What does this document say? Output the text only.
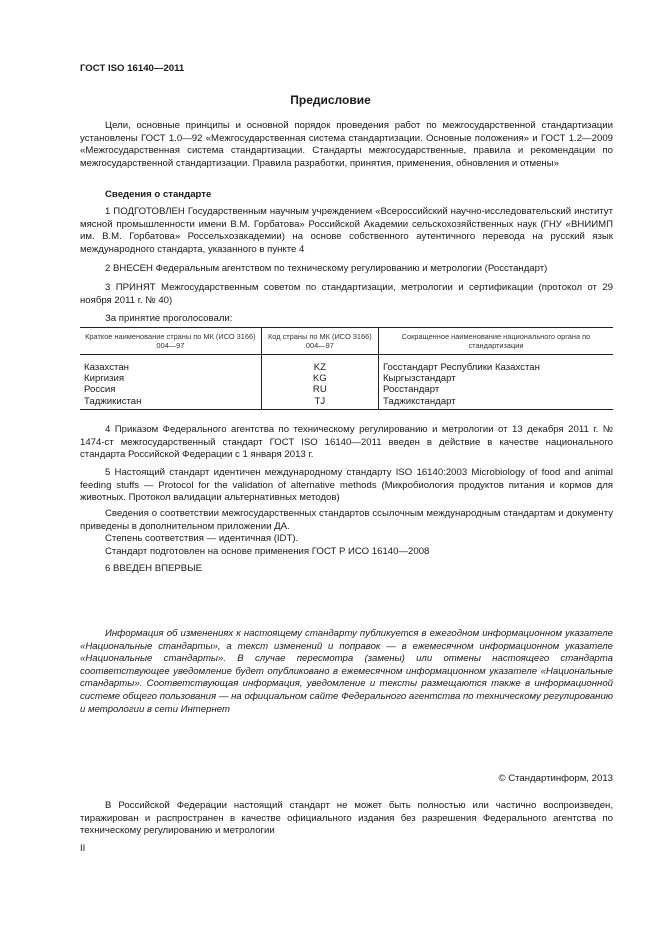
ГОСТ ISO 16140—2011
Предисловие
Цели, основные принципы и основной порядок проведения работ по межгосударственной стандартизации установлены ГОСТ 1.0—92 «Межгосударственная система стандартизации. Основные положения» и ГОСТ 1.2—2009 «Межгосударственная система стандартизации. Стандарты межгосударственные, правила и рекомендации по межгосударственной стандартизации. Правила разработки, принятия, применения, обновления и отмены»
Сведения о стандарте
1 ПОДГОТОВЛЕН Государственным научным учреждением «Всероссийский научно-исследовательский институт мясной промышленности имени В.М. Горбатова» Российской Академии сельскохозяйственных наук (ГНУ «ВНИИМП им. В.М. Горбатова» Россельхозакадемии) на основе собственного аутентичного перевода на русский язык международного стандарта, указанного в пункте 4
2 ВНЕСЕН Федеральным агентством по техническому регулированию и метрологии (Росстандарт)
3 ПРИНЯТ Межгосударственным советом по стандартизации, метрологии и сертификации (протокол от 29 ноября 2011 г. № 40)
За принятие проголосовали:
Краткое наименование страны по МК (ИСО 3166) 004—97	Код страны по МК (ИСО 3166) 004—97	Сокращенное наименование национального органа по стандартизации
Казахстан	KZ	Госстандарт Республики Казахстан
Киргизия	KG	Кыргызстандарт
Россия	RU	Росстандарт
Таджикистан	TJ	Таджикстандарт
4 Приказом Федерального агентства по техническому регулированию и метрологии от 13 декабря 2011 г. № 1474-ст межгосударственный стандарт ГОСТ ISO 16140—2011 введен в действие в качестве национального стандарта Российской Федерации с 1 января 2013 г.
5 Настоящий стандарт идентичен международному стандарту ISO 16140:2003 Microbiology of food and animal feeding stuffs — Protocol for the validation of alternative methods (Микробиология продуктов питания и кормов для животных. Протокол валидации альтернативных методов)
Сведения о соответствии межгосударственных стандартов ссылочным международным стандартам и документу приведены в дополнительном приложении ДА.
Степень соответствия — идентичная (IDT).
Стандарт подготовлен на основе применения ГОСТ Р ИСО 16140—2008
6 ВВЕДЕН ВПЕРВЫЕ
Информация об изменениях к настоящему стандарту публикуется в ежегодном информационном указателе «Национальные стандарты», а текст изменений и поправок — в ежемесячном информационном указателе «Национальные стандарты». В случае пересмотра (замены) или отмены настоящего стандарта соответствующее уведомление будет опубликовано в ежемесячном информационном указателе «Национальные стандарты». Соответствующая информация, уведомление и тексты размещаются также в информационной системе общего пользования — на официальном сайте Федерального агентства по техническому регулированию и метрологии в сети Интернет
© Стандартинформ, 2013
В Российской Федерации настоящий стандарт не может быть полностью или частично воспроизведен, тиражирован и распространен в качестве официального издания без разрешения Федерального агентства по техническому регулированию и метрологии
II
